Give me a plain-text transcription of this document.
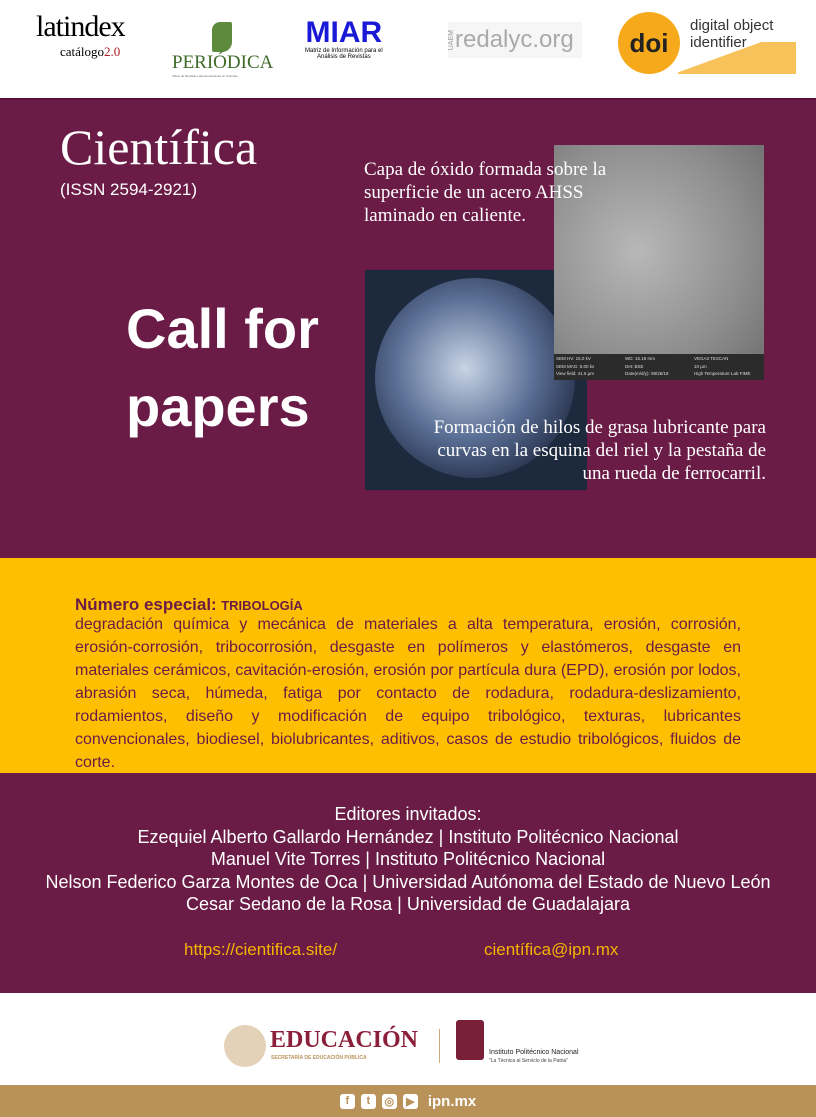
latindex
catálogo2.0
PERIÓDICA
Índice de Revistas Latinoamericanas en Ciencias
MIAR
Matriz de Información para el
Análisis de Revistas
UAEM redalyc.org	doi
digital object
identifier
Científica
(ISSN 2594-2921)
Call for
papers
SEM HV: 15.0 kV	WD: 15.19 mm	VEGA3 TESCAN
SEM MAG: 5.00 kx	Det: BSE	10 µm
View field: 41.5 µm	Date(m/d/y): 08/28/18	High Temperature Lab FIME
Capa de óxido formada sobre la superficie de un acero AHSS laminado en caliente.
Formación de hilos de grasa lubricante para curvas en la esquina del riel y la pestaña de una rueda de ferrocarril.
Número especial: TRIBOLOGÍA
degradación química y mecánica de materiales a alta temperatura, erosión, corrosión, erosión-corrosión, tribocorrosión, desgaste en polímeros y elastómeros, desgaste en materiales cerámicos, cavitación-erosión, erosión por partícula dura (EPD), erosión por lodos, abrasión seca, húmeda, fatiga por contacto de rodadura, rodadura-deslizamiento, rodamientos, diseño y modificación de equipo tribológico, texturas, lubricantes convencionales, biodiesel, biolubricantes, aditivos, casos de estudio tribológicos, fluidos de corte.
Editores invitados:
Ezequiel Alberto Gallardo Hernández | Instituto Politécnico Nacional
Manuel Vite Torres | Instituto Politécnico Nacional
Nelson Federico Garza Montes de Oca | Universidad Autónoma del Estado de Nuevo León
Cesar Sedano de la Rosa | Universidad de Guadalajara
https://cientifica.site/	científica@ipn.mx
EDUCACIÓN
SECRETARÍA DE EDUCACIÓN PÚBLICA
Instituto Politécnico Nacional
"La Técnica al Servicio de la Patria"
f	t	◎ ▶ ipn.mx
